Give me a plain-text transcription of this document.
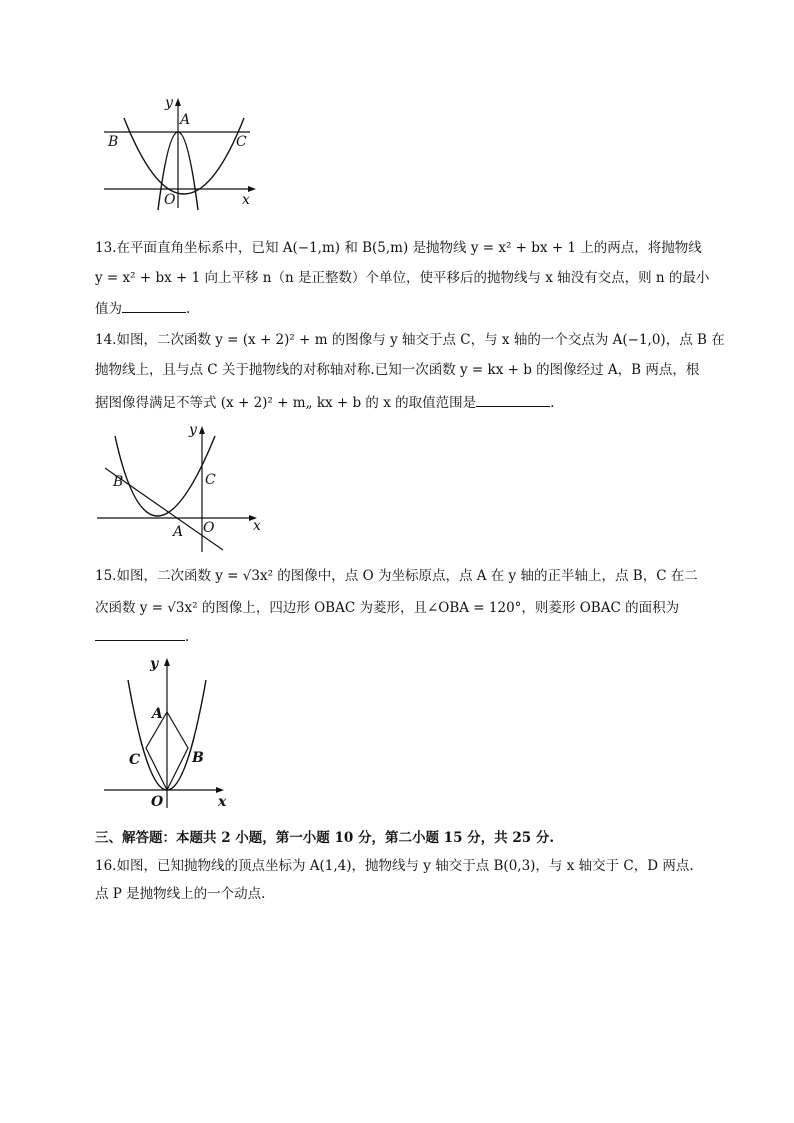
y
x
A
B	C
O
13.在平面直角坐标系中，已知 A(−1,m) 和 B(5,m) 是抛物线 y = x² + bx + 1 上的两点，将抛物线
y = x² + bx + 1 向上平移 n（n 是正整数）个单位，使平移后的抛物线与 x 轴没有交点，则 n 的最小
值为	.
14.如图，二次函数 y = (x + 2)² + m 的图像与 y 轴交于点 C，与 x 轴的一个交点为 A(−1,0)，点 B 在
抛物线上，且与点 C 关于抛物线的对称轴对称.已知一次函数 y = kx + b 的图像经过 A，B 两点，根
据图像得满足不等式 (x + 2)² + m„ kx + b 的 x 的取值范围是	.
y
x
B	C
A O
15.如图，二次函数 y = √3x² 的图像中，点 O 为坐标原点，点 A 在 y 轴的正半轴上，点 B，C 在二
次函数 y = √3x² 的图像上，四边形 OBAC 为菱形，且∠OBA = 120°，则菱形 OBAC 的面积为
.
y
x
A
C	B
O
三、解答题：本题共 2 小题，第一小题 10 分，第二小题 15 分，共 25 分.
16.如图，已知抛物线的顶点坐标为 A(1,4)，抛物线与 y 轴交于点 B(0,3)，与 x 轴交于 C，D 两点.
点 P 是抛物线上的一个动点.
